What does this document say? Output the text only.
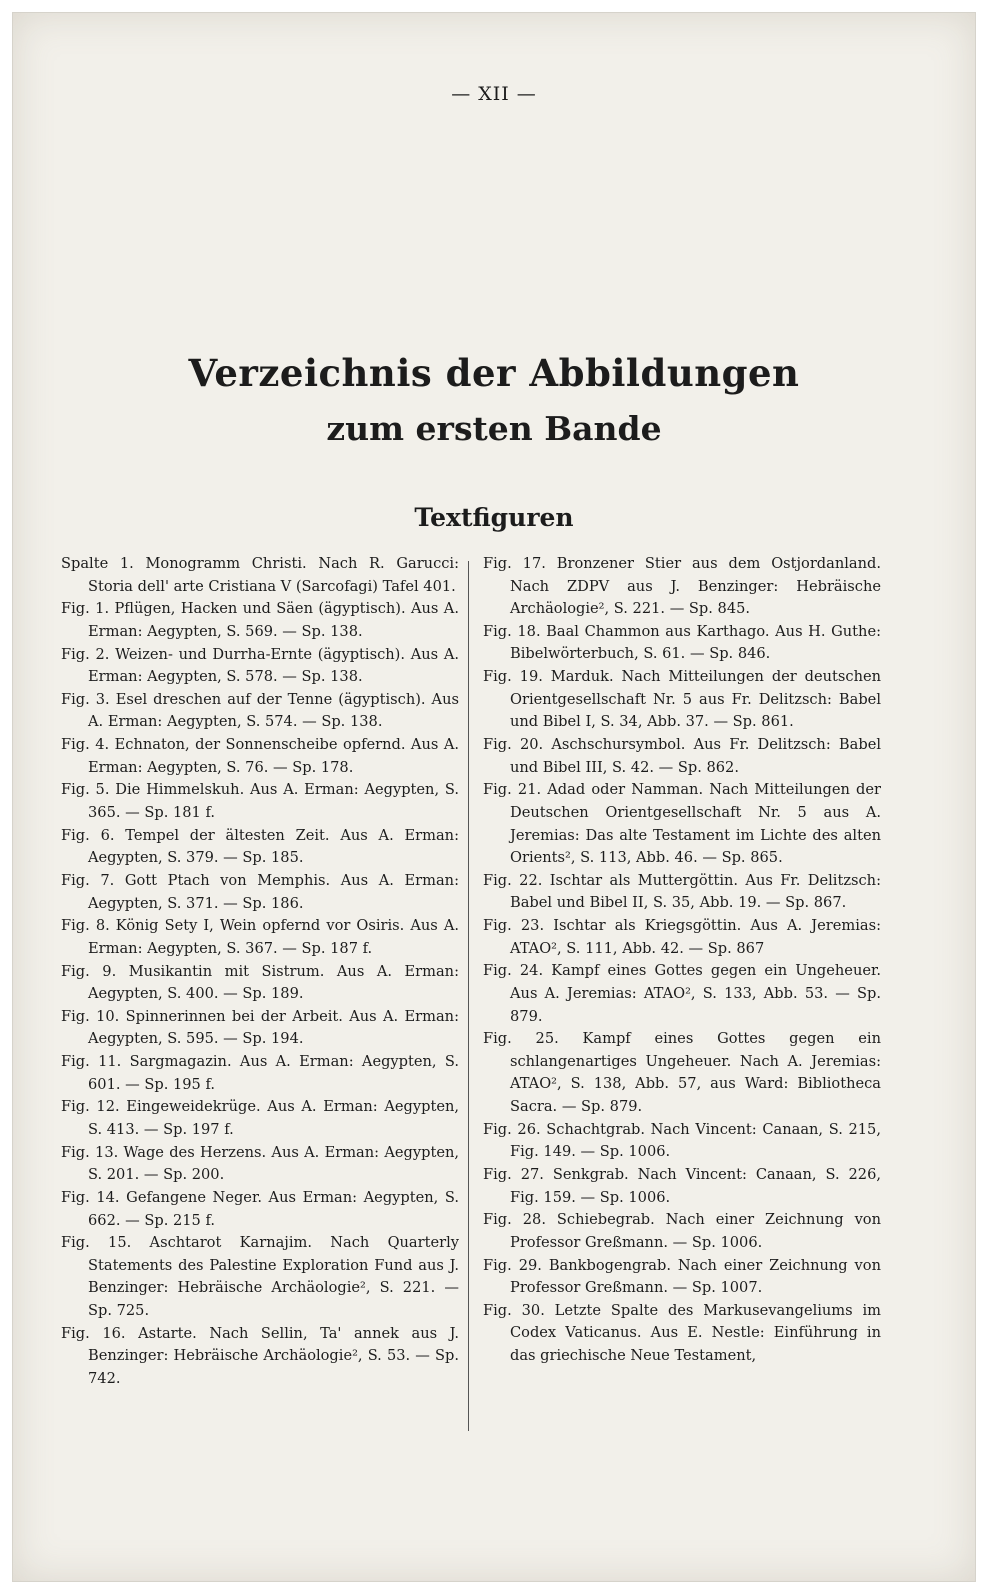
— XII —
Verzeichnis der Abbildungen
zum ersten Bande
Textfiguren

Spalte 1. Monogramm Christi. Nach R. Garucci: Storia dell' arte Cristiana V (Sarcofagi) Tafel 401.

Fig. 1. Pflügen, Hacken und Säen (ägyptisch). Aus A. Erman: Aegypten, S. 569. — Sp. 138.

Fig. 2. Weizen- und Durrha-Ernte (ägyptisch). Aus A. Erman: Aegypten, S. 578. — Sp. 138.

Fig. 3. Esel dreschen auf der Tenne (ägyptisch). Aus A. Erman: Aegypten, S. 574. — Sp. 138.

Fig. 4. Echnaton, der Sonnenscheibe opfernd. Aus A. Erman: Aegypten, S. 76. — Sp. 178.

Fig. 5. Die Himmelskuh. Aus A. Erman: Aegypten, S. 365. — Sp. 181 f.

Fig. 6. Tempel der ältesten Zeit. Aus A. Erman: Aegypten, S. 379. — Sp. 185.

Fig. 7. Gott Ptach von Memphis. Aus A. Erman: Aegypten, S. 371. — Sp. 186.

Fig. 8. König Sety I, Wein opfernd vor Osiris. Aus A. Erman: Aegypten, S. 367. — Sp. 187 f.

Fig. 9. Musikantin mit Sistrum. Aus A. Erman: Aegypten, S. 400. — Sp. 189.

Fig. 10. Spinnerinnen bei der Arbeit. Aus A. Erman: Aegypten, S. 595. — Sp. 194.

Fig. 11. Sargmagazin. Aus A. Erman: Aegypten, S. 601. — Sp. 195 f.

Fig. 12. Eingeweidekrüge. Aus A. Erman: Aegypten, S. 413. — Sp. 197 f.

Fig. 13. Wage des Herzens. Aus A. Erman: Aegypten, S. 201. — Sp. 200.

Fig. 14. Gefangene Neger. Aus Erman: Aegypten, S. 662. — Sp. 215 f.

Fig. 15. Aschtarot Karnajim. Nach Quarterly Statements des Palestine Exploration Fund aus J. Benzinger: Hebräische Archäologie², S. 221. — Sp. 725.

Fig. 16. Astarte. Nach Sellin, Ta' annek aus J. Benzinger: Hebräische Archäologie², S. 53. — Sp. 742.

Fig. 17. Bronzener Stier aus dem Ostjordanland. Nach ZDPV aus J. Benzinger: Hebräische Archäologie², S. 221. — Sp. 845.

Fig. 18. Baal Chammon aus Karthago. Aus H. Guthe: Bibelwörterbuch, S. 61. — Sp. 846.

Fig. 19. Marduk. Nach Mitteilungen der deutschen Orientgesellschaft Nr. 5 aus Fr. Delitzsch: Babel und Bibel I, S. 34, Abb. 37. — Sp. 861.

Fig. 20. Aschschursymbol. Aus Fr. Delitzsch: Babel und Bibel III, S. 42. — Sp. 862.

Fig. 21. Adad oder Namman. Nach Mitteilungen der Deutschen Orientgesellschaft Nr. 5 aus A. Jeremias: Das alte Testament im Lichte des alten Orients², S. 113, Abb. 46. — Sp. 865.

Fig. 22. Ischtar als Muttergöttin. Aus Fr. Delitzsch: Babel und Bibel II, S. 35, Abb. 19. — Sp. 867.

Fig. 23. Ischtar als Kriegsgöttin. Aus A. Jeremias: ATAO², S. 111, Abb. 42. — Sp. 867

Fig. 24. Kampf eines Gottes gegen ein Ungeheuer. Aus A. Jeremias: ATAO², S. 133, Abb. 53. — Sp. 879.

Fig. 25. Kampf eines Gottes gegen ein schlangenartiges Ungeheuer. Nach A. Jeremias: ATAO², S. 138, Abb. 57, aus Ward: Bibliotheca Sacra. — Sp. 879.

Fig. 26. Schachtgrab. Nach Vincent: Canaan, S. 215, Fig. 149. — Sp. 1006.

Fig. 27. Senkgrab. Nach Vincent: Canaan, S. 226, Fig. 159. — Sp. 1006.

Fig. 28. Schiebegrab. Nach einer Zeichnung von Professor Greßmann. — Sp. 1006.

Fig. 29. Bankbogengrab. Nach einer Zeichnung von Professor Greßmann. — Sp. 1007.

Fig. 30. Letzte Spalte des Markusevangeliums im Codex Vaticanus. Aus E. Nestle: Einführung in das griechische Neue Testament,
